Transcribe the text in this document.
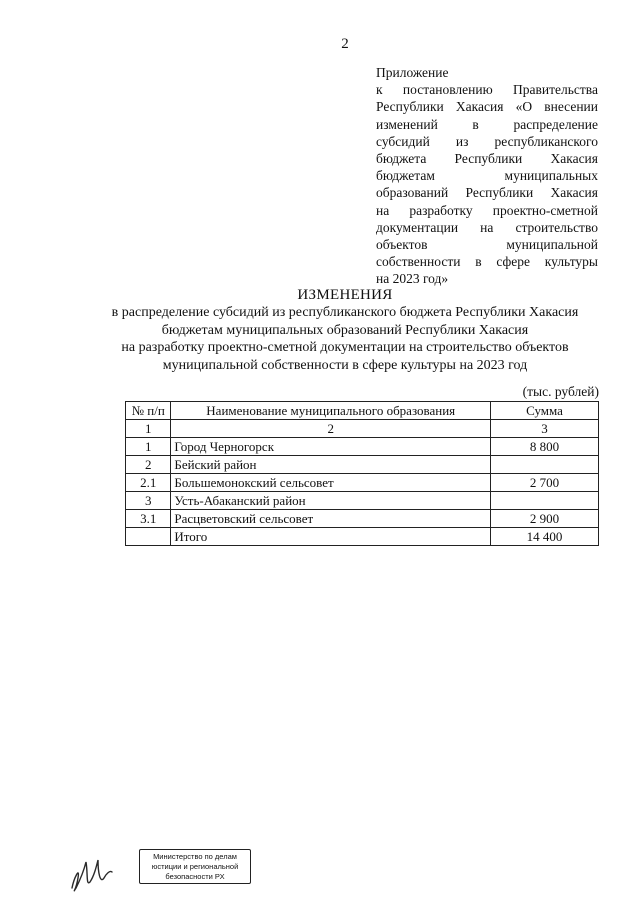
2
Приложение
к постановлению Правительства
Республики Хакасия «О внесении
изменений в распределение
субсидий из республиканского
бюджета Республики Хакасия
бюджетам муниципальных
образований Республики Хакасия
на разработку проектно-сметной
документации на строительство
объектов муниципальной
собственности в сфере культуры
на 2023 год»
ИЗМЕНЕНИЯ
в распределение субсидий из республиканского бюджета Республики Хакасия
бюджетам муниципальных образований Республики Хакасия
на разработку проектно-сметной документации на строительство объектов
муниципальной собственности в сфере культуры на 2023 год
(тыс. рублей)
№ п/п	Наименование муниципального образования	Сумма
1	2	3
1	Город Черногорск	8 800
2	Бейский район	
2.1	Большемонокский сельсовет	2 700
3	Усть-Абаканский район	
3.1	Расцветовский сельсовет	2 900
	Итого	14 400
Министерство по делам
юстиции и региональной
безопасности РХ
